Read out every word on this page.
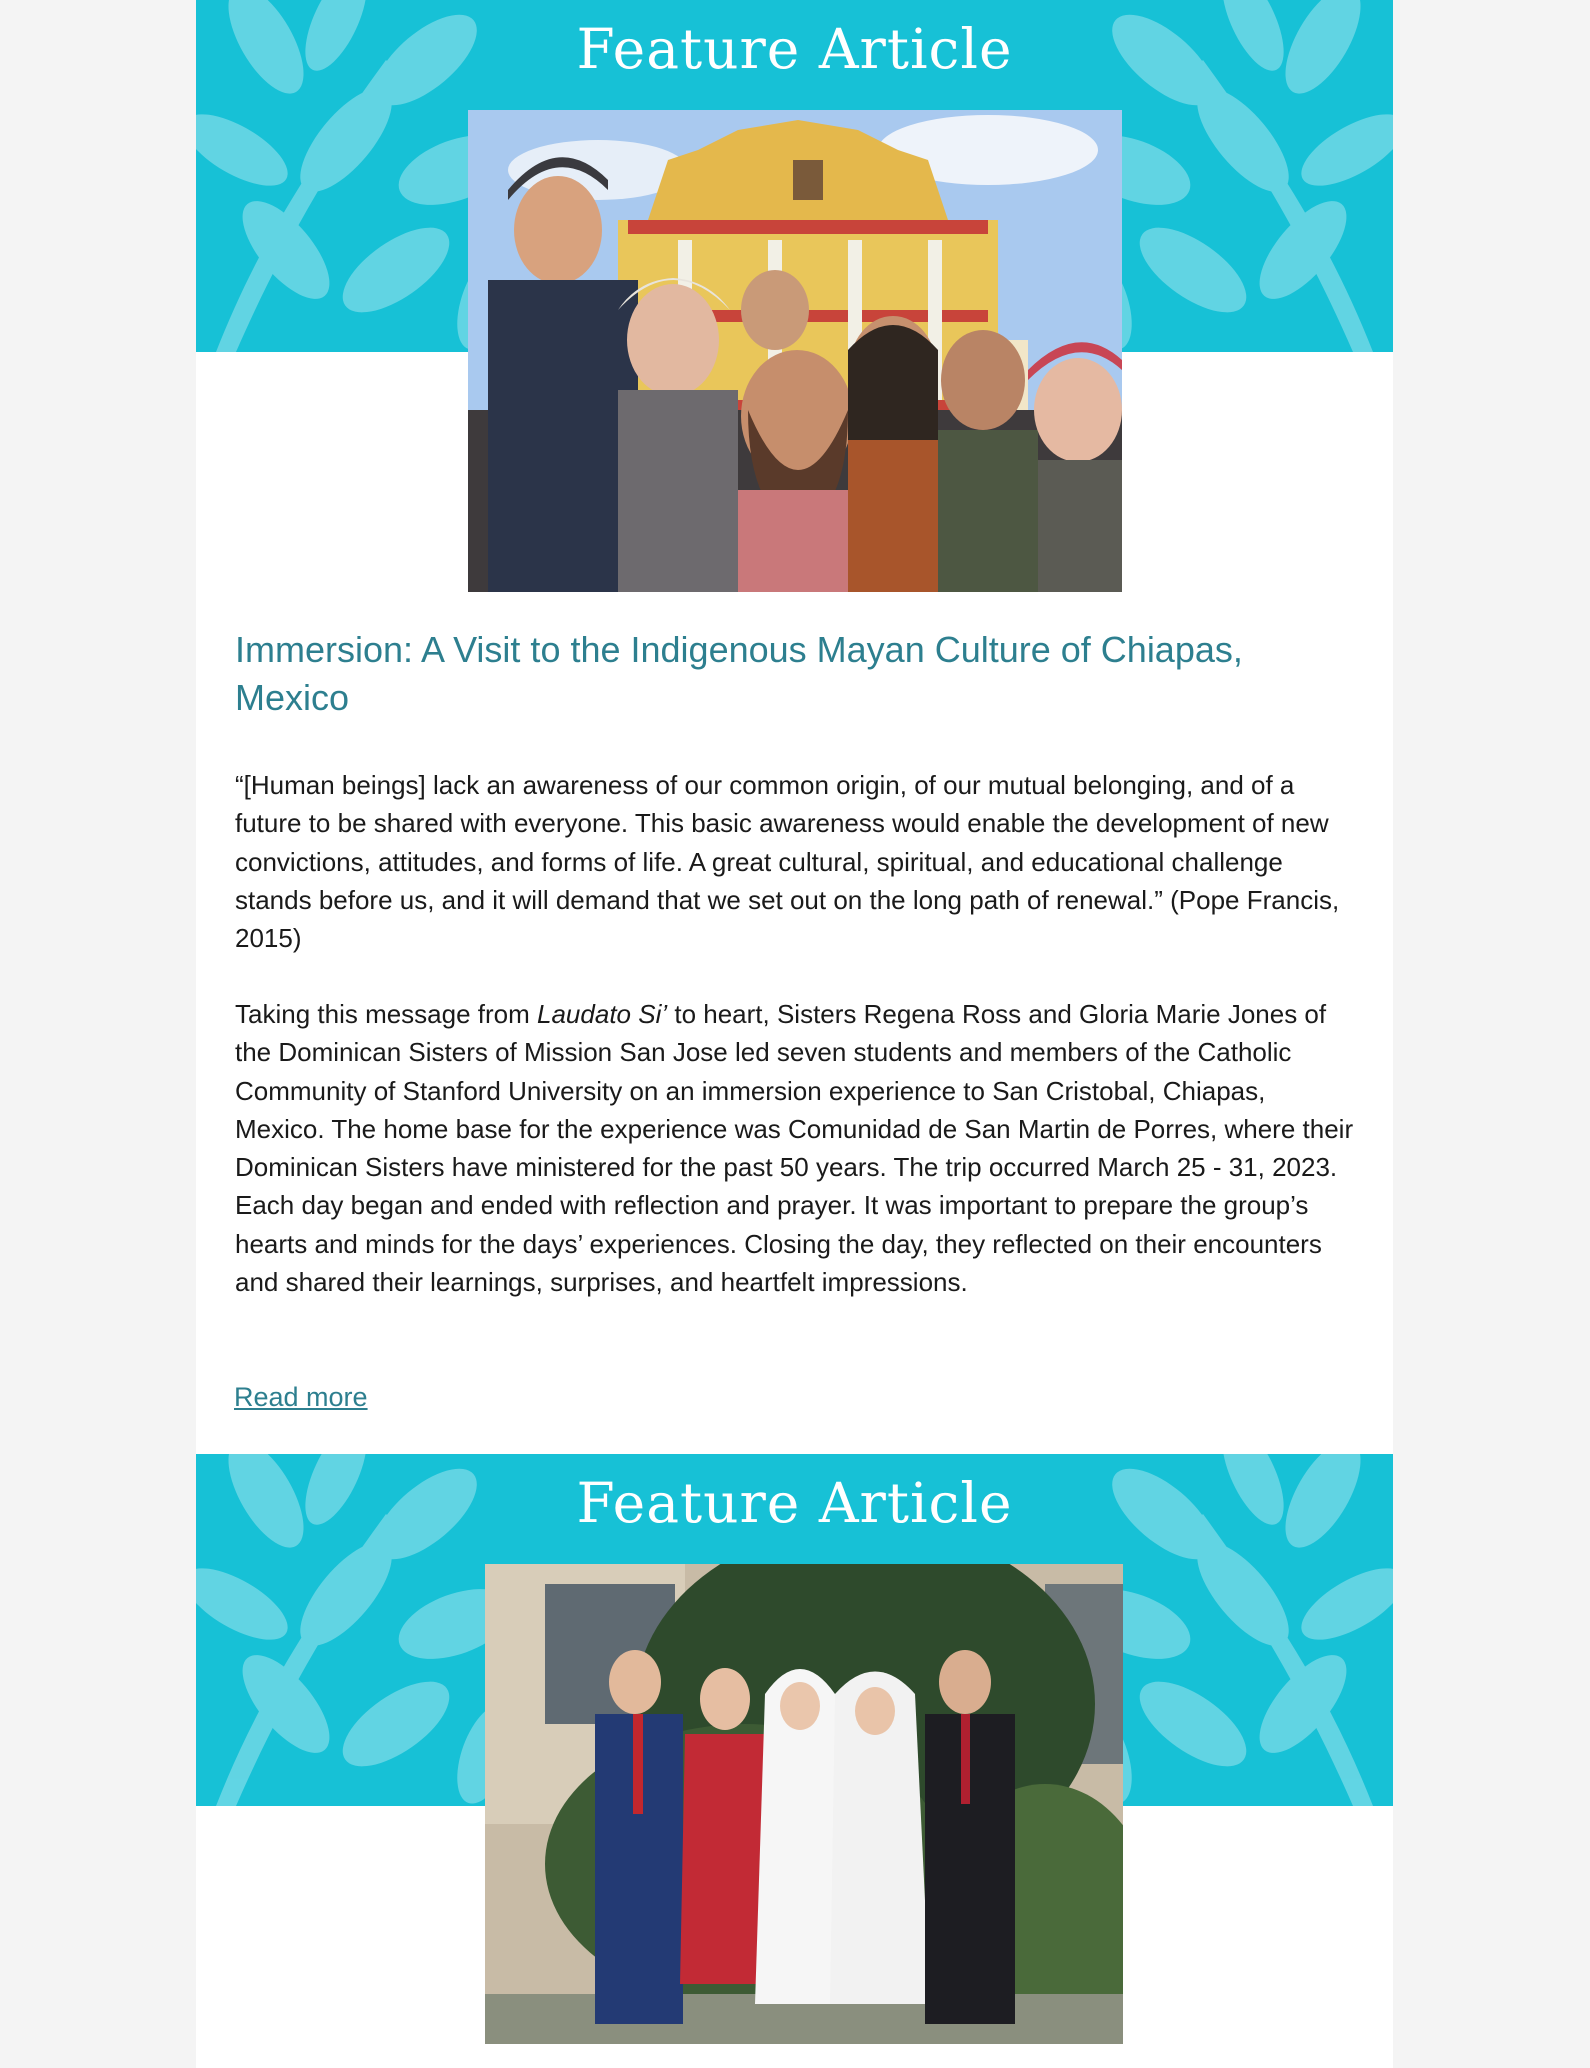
Feature Article
Immersion: A Visit to the Indigenous Mayan Culture of Chiapas, Mexico

“[Human beings] lack an awareness of our common origin, of our mutual belonging, and of a future to be shared with everyone. This basic awareness would enable the development of new convictions, attitudes, and forms of life. A great cultural, spiritual, and educational challenge stands before us, and it will demand that we set out on the long path of renewal.” (Pope Francis, 2015)

Taking this message from Laudato Si’ to heart, Sisters Regena Ross and Gloria Marie Jones of the Dominican Sisters of Mission San Jose led seven students and members of the Catholic Community of Stanford University on an immersion experience to San Cristobal, Chiapas, Mexico. The home base for the experience was Comunidad de San Martin de Porres, where their Dominican Sisters have ministered for the past 50 years. The trip occurred March 25 - 31, 2023. Each day began and ended with reflection and prayer. It was important to prepare the group’s hearts and minds for the days’ experiences. Closing the day, they reflected on their encounters and shared their learnings, surprises, and heartfelt impressions.

Read more
Feature Article
